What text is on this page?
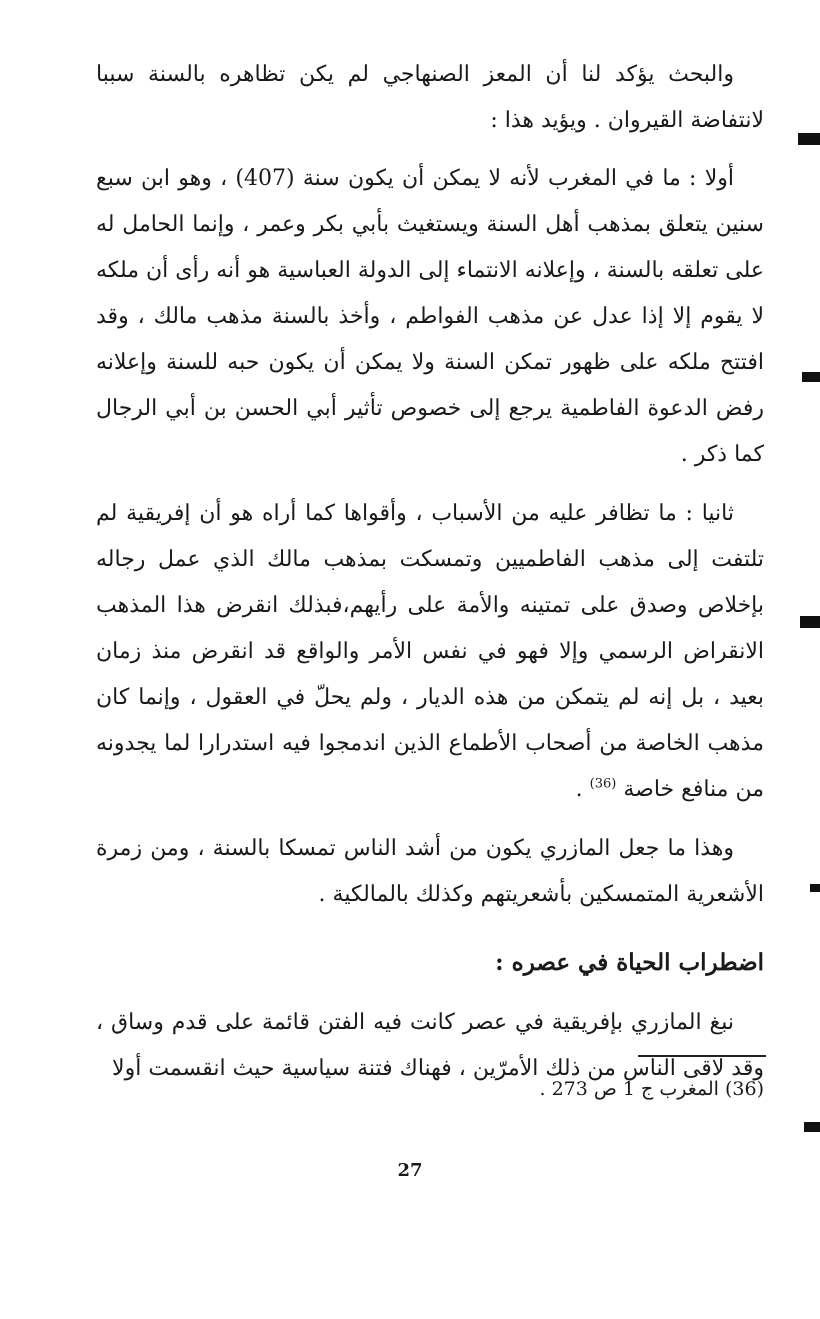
والبحث يؤكد لنا أن المعز الصنهاجي لم يكن تظاهره بالسنة سببا لانتفاضة القيروان . ويؤيد هذا :

أولا : ما في المغرب لأنه لا يمكن أن يكون سنة (407) ، وهو ابن سبع سنين يتعلق بمذهب أهل السنة ويستغيث بأبي بكر وعمر ، وإنما الحامل له على تعلقه بالسنة ، وإعلانه الانتماء إلى الدولة العباسية هو أنه رأى أن ملكه لا يقوم إلا إذا عدل عن مذهب الفواطم ، وأخذ بالسنة مذهب مالك ، وقد افتتح ملكه على ظهور تمكن السنة ولا يمكن أن يكون حبه للسنة وإعلانه رفض الدعوة الفاطمية يرجع إلى خصوص تأثير أبي الحسن بن أبي الرجال كما ذكر .

ثانيا : ما تظافر عليه من الأسباب ، وأقواها كما أراه هو أن إفريقية لم تلتفت إلى مذهب الفاطميين وتمسكت بمذهب مالك الذي عمل رجاله بإخلاص وصدق على تمتينه والأمة على رأيهم،فبذلك انقرض هذا المذهب الانقراض الرسمي وإلا فهو في نفس الأمر والواقع قد انقرض منذ زمان بعيد ، بل إنه لم يتمكن من هذه الديار ، ولم يحلّ في العقول ، وإنما كان مذهب الخاصة من أصحاب الأطماع الذين اندمجوا فيه استدرارا لما يجدونه من منافع خاصة $^{(36)}$ .

وهذا ما جعل المازري يكون من أشد الناس تمسكا بالسنة ، ومن زمرة الأشعرية المتمسكين بأشعريتهم وكذلك بالمالكية .

اضطراب الحياة في عصره :

نبغ المازري بإفريقية في عصر كانت فيه الفتن قائمة على قدم وساق ، وقد لاقى الناس من ذلك الأمرّين ، فهناك فتنة سياسية حيث انقسمت أولا

(36) المغرب ج 1 ص 273 .
27
